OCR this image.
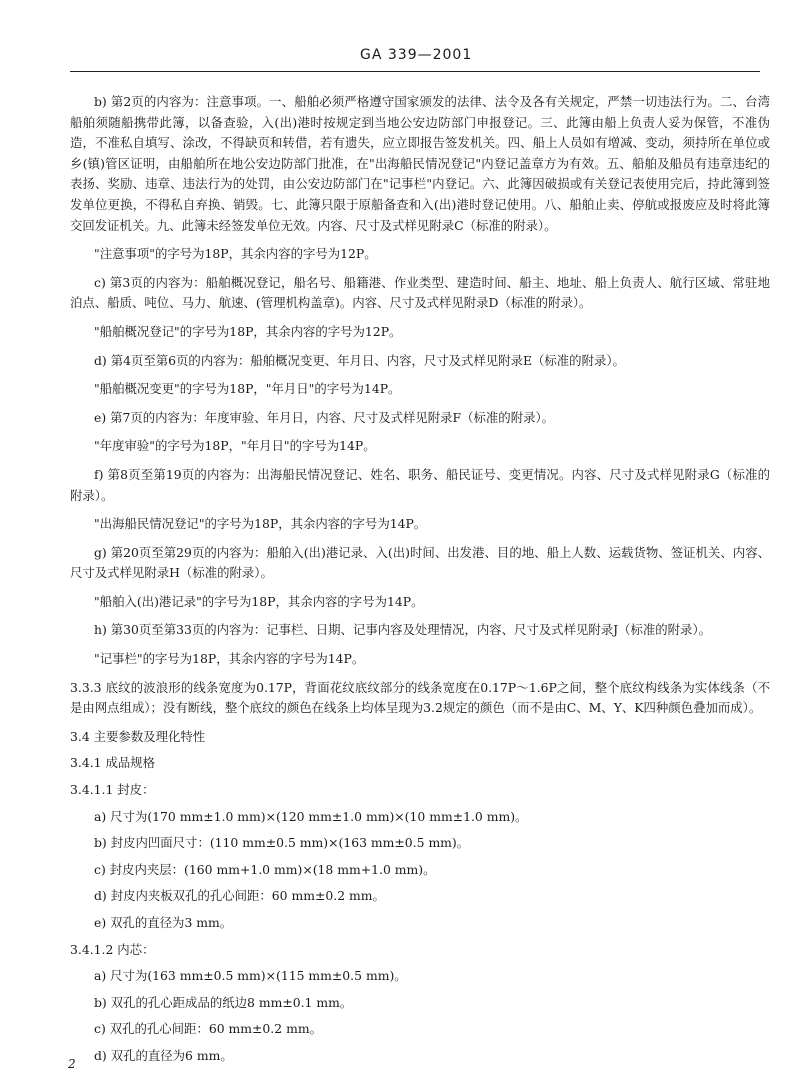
GA 339—2001

b) 第2页的内容为：注意事项。一、船舶必须严格遵守国家颁发的法律、法令及各有关规定，严禁一切违法行为。二、台湾船舶须随船携带此簿，以备查验，入(出)港时按规定到当地公安边防部门申报登记。三、此簿由船上负责人妥为保管，不准伪造，不准私自填写、涂改，不得缺页和转借，若有遗失，应立即报告签发机关。四、船上人员如有增减、变动，须持所在单位或乡(镇)管区证明，由船舶所在地公安边防部门批准，在"出海船民情况登记"内登记盖章方为有效。五、船舶及船员有违章违纪的表扬、奖励、违章、违法行为的处罚，由公安边防部门在"记事栏"内登记。六、此簿因破损或有关登记表使用完后，持此簿到签发单位更换，不得私自弃换、销毁。七、此簿只限于原船备查和入(出)港时登记使用。八、船舶止卖、停航或报废应及时将此簿交回发证机关。九、此簿未经签发单位无效。内容、尺寸及式样见附录C（标准的附录）。

"注意事项"的字号为18P，其余内容的字号为12P。

c) 第3页的内容为：船舶概况登记，船名号、船籍港、作业类型、建造时间、船主、地址、船上负责人、航行区域、常驻地泊点、船质、吨位、马力、航速、(管理机构盖章)。内容、尺寸及式样见附录D（标准的附录）。

"船舶概况登记"的字号为18P，其余内容的字号为12P。

d) 第4页至第6页的内容为：船舶概况变更、年月日、内容，尺寸及式样见附录E（标准的附录）。

"船舶概况变更"的字号为18P，"年月日"的字号为14P。

e) 第7页的内容为：年度审验、年月日，内容、尺寸及式样见附录F（标准的附录）。

"年度审验"的字号为18P，"年月日"的字号为14P。

f) 第8页至第19页的内容为：出海船民情况登记、姓名、职务、船民证号、变更情况。内容、尺寸及式样见附录G（标准的附录）。

"出海船民情况登记"的字号为18P，其余内容的字号为14P。

g) 第20页至第29页的内容为：船舶入(出)港记录、入(出)时间、出发港、目的地、船上人数、运载货物、签证机关、内容、尺寸及式样见附录H（标准的附录）。

"船舶入(出)港记录"的字号为18P，其余内容的字号为14P。

h) 第30页至第33页的内容为：记事栏、日期、记事内容及处理情况，内容、尺寸及式样见附录J（标准的附录）。

"记事栏"的字号为18P，其余内容的字号为14P。

3.3.3 底纹的波浪形的线条宽度为0.17P，背面花纹底纹部分的线条宽度在0.17P～1.6P之间，整个底纹构线条为实体线条（不是由网点组成）；没有断线，整个底纹的颜色在线条上均体呈现为3.2规定的颜色（而不是由C、M、Y、K四种颜色叠加而成）。

3.4 主要参数及理化特性

3.4.1 成品规格

3.4.1.1 封皮：

a) 尺寸为(170 mm±1.0 mm)×(120 mm±1.0 mm)×(10 mm±1.0 mm)。

b) 封皮内凹面尺寸：(110 mm±0.5 mm)×(163 mm±0.5 mm)。

c) 封皮内夹层：(160 mm+1.0 mm)×(18 mm+1.0 mm)。

d) 封皮内夹板双孔的孔心间距：60 mm±0.2 mm。

e) 双孔的直径为3 mm。

3.4.1.2 内芯：

a) 尺寸为(163 mm±0.5 mm)×(115 mm±0.5 mm)。

b) 双孔的孔心距成品的纸边8 mm±0.1 mm。

c) 双孔的孔心间距：60 mm±0.2 mm。

d) 双孔的直径为6 mm。

2
